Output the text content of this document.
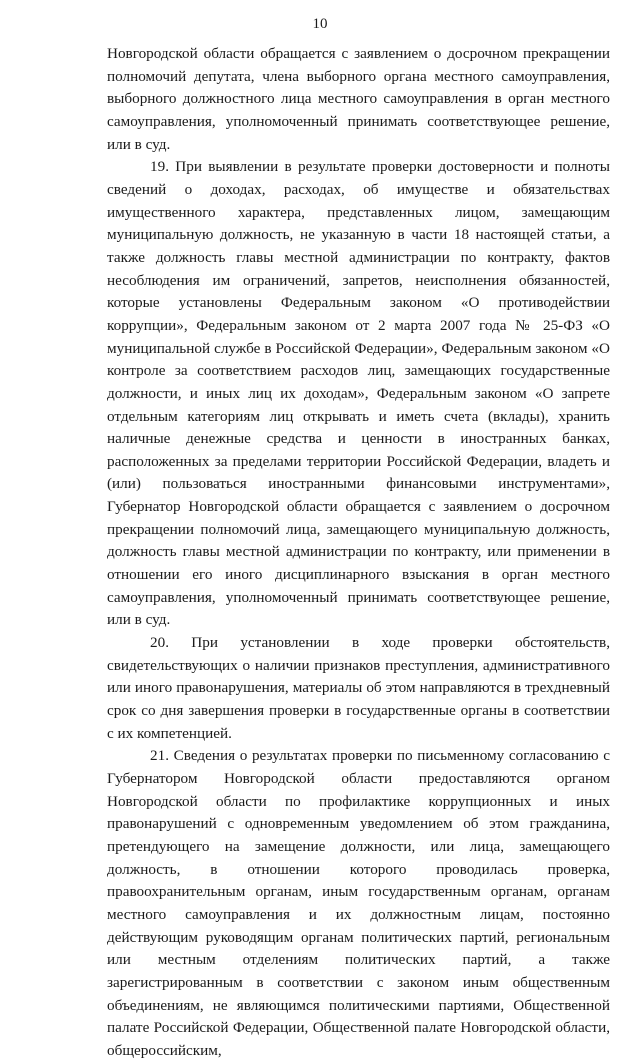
10

Новгородской области обращается с заявлением о досрочном прекращении полномочий депутата, члена выборного органа местного самоуправления, выборного должностного лица местного самоуправления в орган местного самоуправления, уполномоченный принимать соответствующее решение, или в суд.

19. При выявлении в результате проверки достоверности и полноты сведений о доходах, расходах, об имуществе и обязательствах имущественного характера, представленных лицом, замещающим муниципальную должность, не указанную в части 18 настоящей статьи, а также должность главы местной администрации по контракту, фактов несоблюдения им ограничений, запретов, неисполнения обязанностей, которые установлены Федеральным законом «О противодействии коррупции», Федеральным законом от 2 марта 2007 года № 25-ФЗ «О муниципальной службе в Российской Федерации», Федеральным законом «О контроле за соответствием расходов лиц, замещающих государственные должности, и иных лиц их доходам», Федеральным законом «О запрете отдельным категориям лиц открывать и иметь счета (вклады), хранить наличные денежные средства и ценности в иностранных банках, расположенных за пределами территории Российской Федерации, владеть и (или) пользоваться иностранными финансовыми инструментами», Губернатор Новгородской области обращается с заявлением о досрочном прекращении полномочий лица, замещающего муниципальную должность, должность главы местной администрации по контракту, или применении в отношении его иного дисциплинарного взыскания в орган местного самоуправления, уполномоченный принимать соответствующее решение, или в суд.

20. При установлении в ходе проверки обстоятельств, свидетельствующих о наличии признаков преступления, административного или иного правонарушения, материалы об этом направляются в трехдневный срок со дня завершения проверки в государственные органы в соответствии с их компетенцией.

21. Сведения о результатах проверки по письменному согласованию с Губернатором Новгородской области предоставляются органом Новгородской области по профилактике коррупционных и иных правонарушений с одновременным уведомлением об этом гражданина, претендующего на замещение должности, или лица, замещающего должность, в отношении которого проводилась проверка, правоохранительным органам, иным государственным органам, органам местного самоуправления и их должностным лицам, постоянно действующим руководящим органам политических партий, региональным или местным отделениям политических партий, а также зарегистрированным в соответствии с законом иным общественным объединениям, не являющимся политическими партиями, Общественной палате Российской Федерации, Общественной палате Новгородской области, общероссийским,
